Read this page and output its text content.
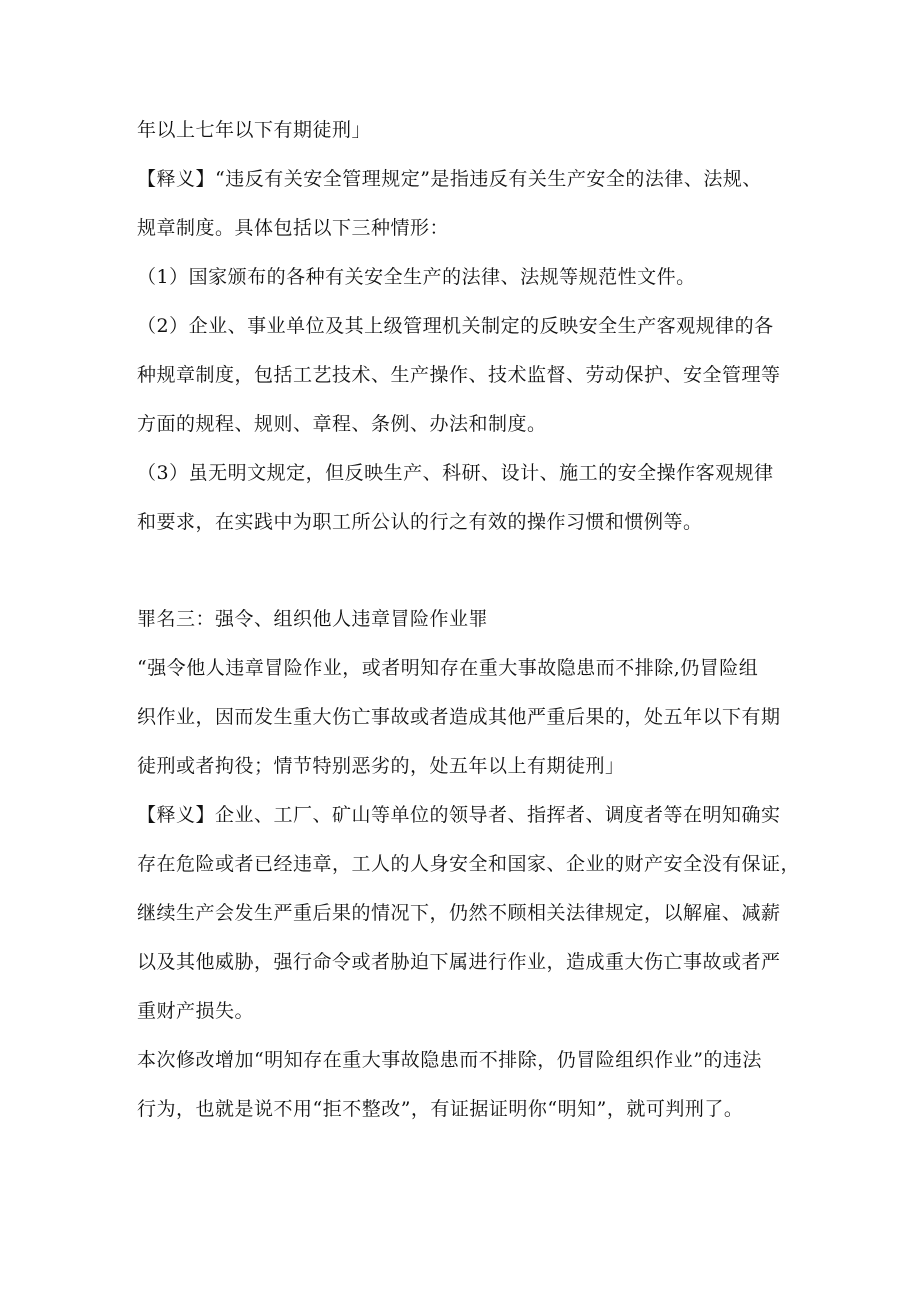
年以上七年以下有期徒刑」

【释义】“违反有关安全管理规定”是指违反有关生产安全的法律、法规、

规章制度。具体包括以下三种情形：

（1）国家颁布的各种有关安全生产的法律、法规等规范性文件。

（2）企业、事业单位及其上级管理机关制定的反映安全生产客观规律的各

种规章制度，包括工艺技术、生产操作、技术监督、劳动保护、安全管理等

方面的规程、规则、章程、条例、办法和制度。

（3）虽无明文规定，但反映生产、科研、设计、施工的安全操作客观规律

和要求，在实践中为职工所公认的行之有效的操作习惯和惯例等。

罪名三：强令、组织他人违章冒险作业罪

“强令他人违章冒险作业，或者明知存在重大事故隐患而不排除,仍冒险组

织作业，因而发生重大伤亡事故或者造成其他严重后果的，处五年以下有期

徒刑或者拘役；情节特别恶劣的，处五年以上有期徒刑」

【释义】企业、工厂、矿山等单位的领导者、指挥者、调度者等在明知确实

存在危险或者已经违章，工人的人身安全和国家、企业的财产安全没有保证，

继续生产会发生严重后果的情况下，仍然不顾相关法律规定，以解雇、减薪

以及其他威胁，强行命令或者胁迫下属进行作业，造成重大伤亡事故或者严

重财产损失。

本次修改增加“明知存在重大事故隐患而不排除，仍冒险组织作业”的违法

行为，也就是说不用“拒不整改”，有证据证明你“明知”，就可判刑了。
